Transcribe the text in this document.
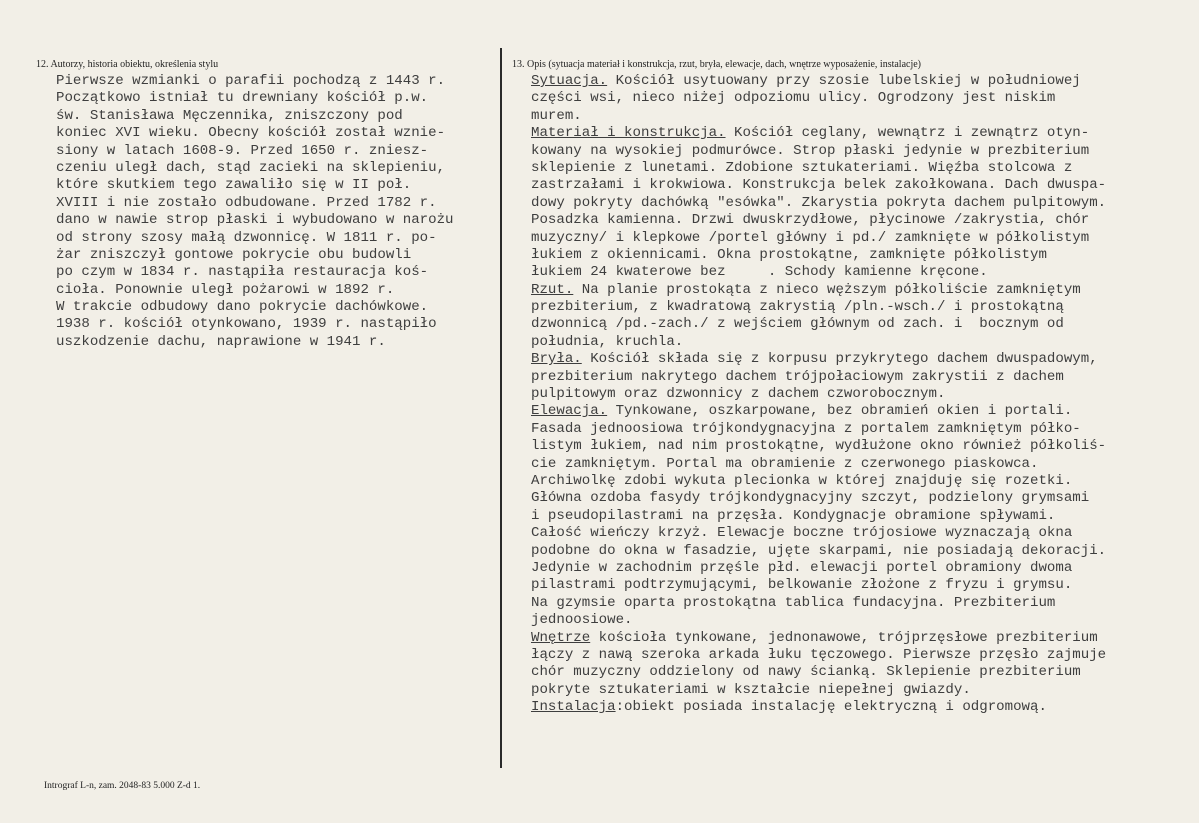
12. Autorzy, historia obiektu, określenia stylu	13. Opis (sytuacja materiał i konstrukcja, rzut, bryła, elewacje, dach, wnętrze wyposażenie, instalacje)
Pierwsze wzmianki o parafii pochodzą z 1443 r.
Początkowo istniał tu drewniany kościół p.w.
św. Stanisława Męczennika, zniszczony pod
koniec XVI wieku. Obecny kościół został wznie-
siony w latach 1608-9. Przed 1650 r. zniesz-
czeniu uległ dach, stąd zacieki na sklepieniu,
które skutkiem tego zawaliło się w II poł.
XVIII i nie zostało odbudowane. Przed 1782 r.
dano w nawie strop płaski i wybudowano w narożu
od strony szosy małą dzwonnicę. W 1811 r. po-
żar zniszczył gontowe pokrycie obu budowli
po czym w 1834 r. nastąpiła restauracja koś-
cioła. Ponownie uległ pożarowi w 1892 r.
W trakcie odbudowy dano pokrycie dachówkowe.
1938 r. kościół otynkowano, 1939 r. nastąpiło
uszkodzenie dachu, naprawione w 1941 r.
Sytuacja. Kościół usytuowany przy szosie lubelskiej w południowej
części wsi, nieco niżej odpoziomu ulicy. Ogrodzony jest niskim
murem.
Materiał i konstrukcja. Kościół ceglany, wewnątrz i zewnątrz otyn-
kowany na wysokiej podmurówce. Strop płaski jedynie w prezbiterium
sklepienie z lunetami. Zdobione sztukateriami. Więźba stolcowa z
zastrzałami i krokwiowa. Konstrukcja belek zakołkowana. Dach dwuspa-
dowy pokryty dachówką "esówka". Zkarystia pokryta dachem pulpitowym.
Posadzka kamienna. Drzwi dwuskrzydłowe, płycinowe /zakrystia, chór
muzyczny/ i klepkowe /portel główny i pd./ zamknięte w półkolistym
łukiem z okiennicami. Okna prostokątne, zamknięte półkolistym
łukiem 24 kwaterowe bez     . Schody kamienne kręcone.
Rzut. Na planie prostokąta z nieco węższym półkoliście zamkniętym
prezbiterium, z kwadratową zakrystią /pln.-wsch./ i prostokątną
dzwonnicą /pd.-zach./ z wejściem głównym od zach. i  bocznym od
południa, kruchla.
Bryła. Kościół składa się z korpusu przykrytego dachem dwuspadowym,
prezbiterium nakrytego dachem trójpołaciowym zakrystii z dachem
pulpitowym oraz dzwonnicy z dachem czworobocznym.
Elewacja. Tynkowane, oszkarpowane, bez obramień okien i portali.
Fasada jednoosiowa trójkondygnacyjna z portalem zamkniętym półko-
listym łukiem, nad nim prostokątne, wydłużone okno również półkoliś-
cie zamkniętym. Portal ma obramienie z czerwonego piaskowca.
Archiwolkę zdobi wykuta plecionka w której znajduję się rozetki.
Główna ozdoba fasydy trójkondygnacyjny szczyt, podzielony grymsami
i pseudopilastrami na przęsła. Kondygnacje obramione spływami.
Całość wieńczy krzyż. Elewacje boczne trójosiowe wyznaczają okna
podobne do okna w fasadzie, ujęte skarpami, nie posiadają dekoracji.
Jedynie w zachodnim przęśle płd. elewacji portel obramiony dwoma
pilastrami podtrzymującymi, belkowanie złożone z fryzu i grymsu.
Na gzymsie oparta prostokątna tablica fundacyjna. Prezbiterium
jednoosiowe.
Wnętrze kościoła tynkowane, jednonawowe, trójprzęsłowe prezbiterium
łączy z nawą szeroka arkada łuku tęczowego. Pierwsze przęsło zajmuje
chór muzyczny oddzielony od nawy ścianką. Sklepienie prezbiterium
pokryte sztukateriami w kształcie niepełnej gwiazdy.
Instalacja:obiekt posiada instalację elektryczną i odgromową.
Intrograf L-n, zam. 2048-83 5.000 Z-d 1.
